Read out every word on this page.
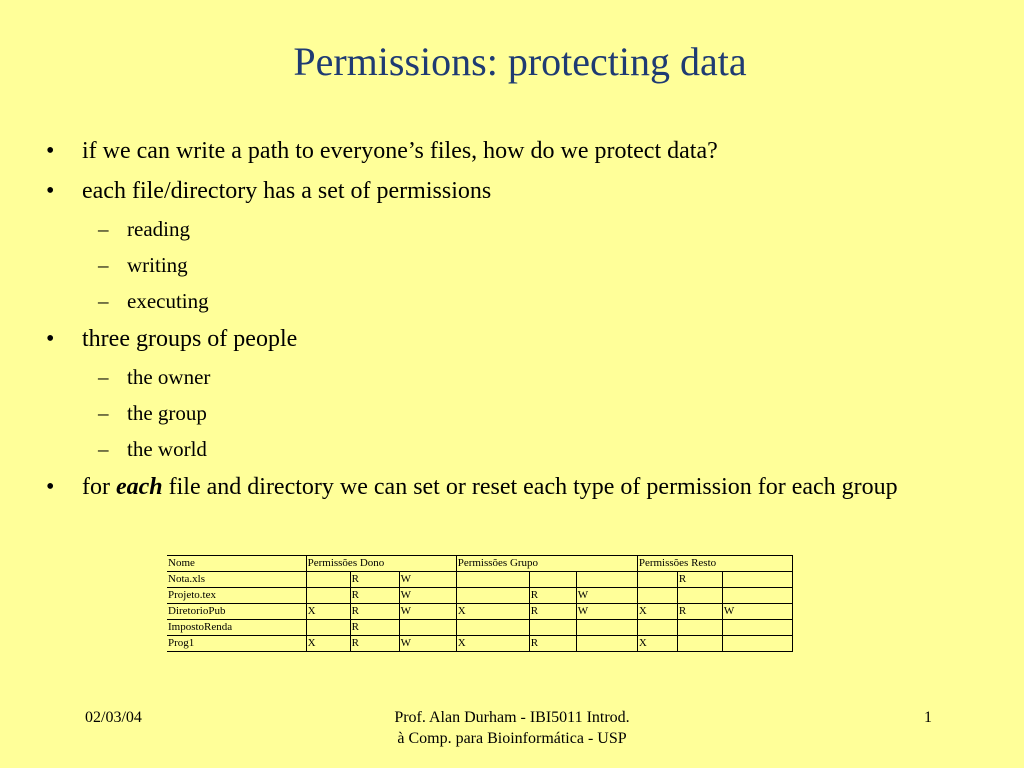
Permissions: protecting data
• if we can write a path to everyone’s files, how do we protect data?
• each file/directory has a set of permissions
– reading
– writing
– executing
• three groups of people
– the owner
– the group
– the world
• for each file and directory we can set or reset each type of permission for each group
Nome	Permissões Dono			Permissões Grupo			Permissões Resto		
Nota.xls		R	W					R	
Projeto.tex		R	W		R	W			
DiretorioPub	X	R	W	X	R	W	X	R	W
ImpostoRenda		R							
Prog1	X	R	W	X	R		X		
02/03/04	Prof. Alan Durham - IBI5011 Introd.
à Comp. para Bioinformática - USP
1
